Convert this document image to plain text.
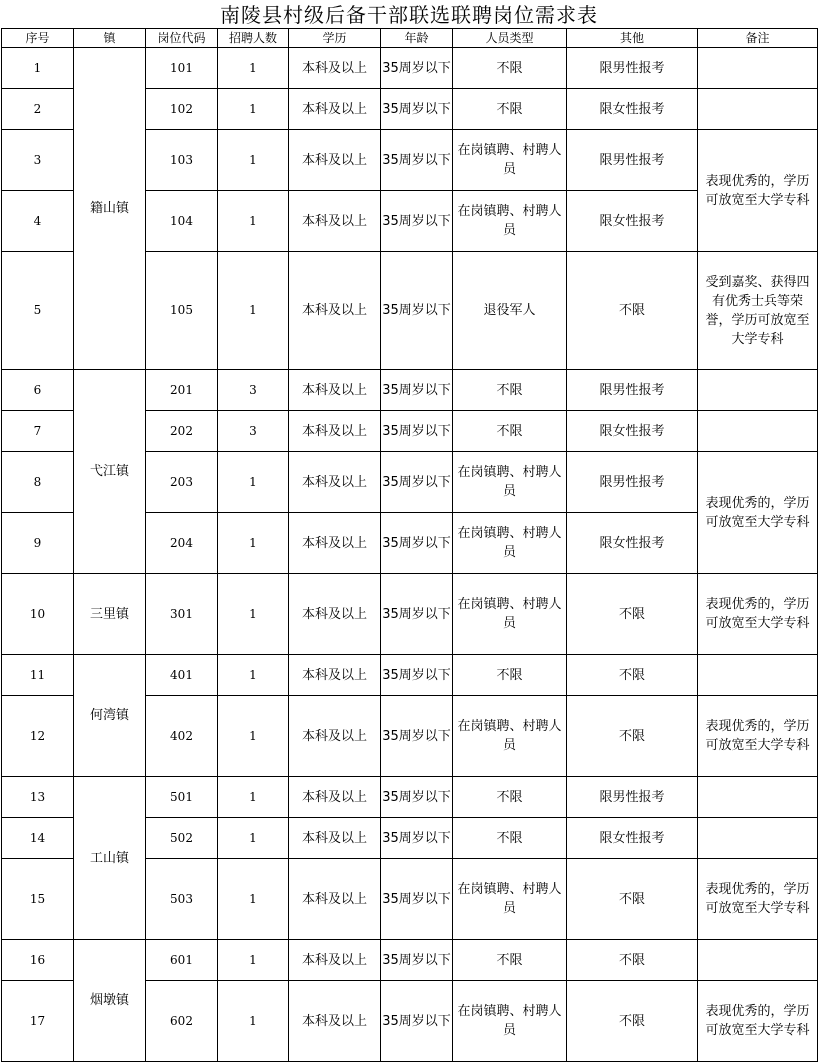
南陵县村级后备干部联选联聘岗位需求表
序号	镇	岗位代码	招聘人数	学历	年龄	人员类型	其他	备注
1	籍山镇	101	1	本科及以上	35周岁以下	不限	限男性报考	
2		102	1	本科及以上	35周岁以下	不限	限女性报考	
3		103	1	本科及以上	35周岁以下	在岗镇聘、村聘人员	限男性报考	表现优秀的，学历可放宽至大学专科
4		104	1	本科及以上	35周岁以下	在岗镇聘、村聘人员	限女性报考	
5		105	1	本科及以上	35周岁以下	退役军人	不限	受到嘉奖、获得四有优秀士兵等荣誉，学历可放宽至大学专科
6	弋江镇	201	3	本科及以上	35周岁以下	不限	限男性报考	
7		202	3	本科及以上	35周岁以下	不限	限女性报考	
8		203	1	本科及以上	35周岁以下	在岗镇聘、村聘人员	限男性报考	表现优秀的，学历可放宽至大学专科
9		204	1	本科及以上	35周岁以下	在岗镇聘、村聘人员	限女性报考	
10	三里镇	301	1	本科及以上	35周岁以下	在岗镇聘、村聘人员	不限	表现优秀的，学历可放宽至大学专科
11	何湾镇	401	1	本科及以上	35周岁以下	不限	不限	
12		402	1	本科及以上	35周岁以下	在岗镇聘、村聘人员	不限	表现优秀的，学历可放宽至大学专科
13	工山镇	501	1	本科及以上	35周岁以下	不限	限男性报考	
14		502	1	本科及以上	35周岁以下	不限	限女性报考	
15		503	1	本科及以上	35周岁以下	在岗镇聘、村聘人员	不限	表现优秀的，学历可放宽至大学专科
16	烟墩镇	601	1	本科及以上	35周岁以下	不限	不限	
17		602	1	本科及以上	35周岁以下	在岗镇聘、村聘人员	不限	表现优秀的，学历可放宽至大学专科
